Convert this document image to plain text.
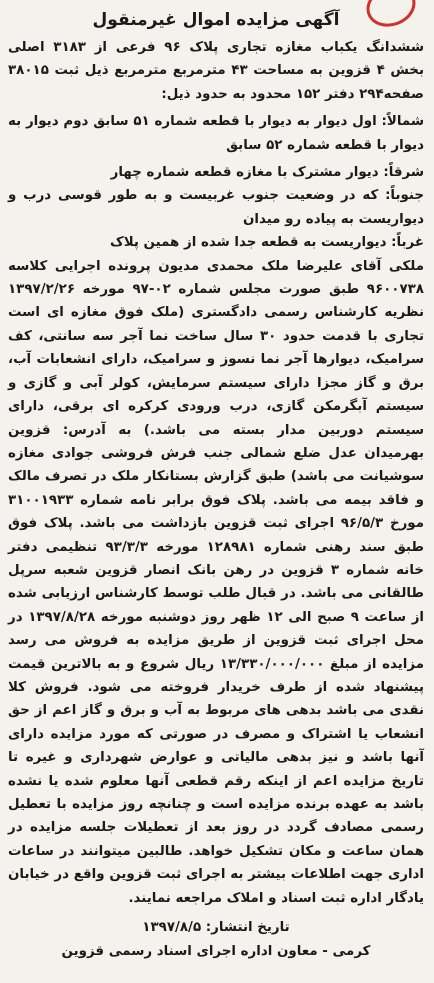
آگهی مزایده اموال غیرمنقول

ششدانگ یکباب مغازه تجاری پلاک ۹۶ فرعی از ۳۱۸۳ اصلی بخش ۴ قزوین به مساحت ۴۳ مترمربع مترمربع ذیل ثبت ۳۸۰۱۵ صفحه۲۹۴ دفتر ۱۵۲ محدود به حدود ذیل:

شمالاً: اول دیوار به دیوار با قطعه شماره ۵۱ سابق دوم دیوار به دیوار با قطعه شماره ۵۲ سابق

شرقاً: دیوار مشترک با مغازه قطعه شماره چهار

جنوباً: که در وضعیت جنوب غربیست و به طور قوسی درب و دیواریست به پیاده رو میدان

غرباً: دیواریست به قطعه جدا شده از همین پلاک

ملکی آقای علیرضا ملک محمدی مدیون پرونده اجرایی کلاسه ۹۶۰۰۷۳۸ طبق صورت مجلس شماره ۰۲-۹۷ مورخه ۱۳۹۷/۲/۲۶ نظریه کارشناس رسمی دادگستری (ملک فوق مغازه ای است تجاری با قدمت حدود ۳۰ سال ساخت نما آجر سه سانتی، کف سرامیک، دیوارها آجر نما نسوز و سرامیک، دارای انشعابات آب، برق و گاز مجزا دارای سیستم سرمایش، کولر آبی و گازی و سیستم آبگرمکن گازی، درب ورودی کرکره ای برقی، دارای سیستم دوربین مدار بسته می باشد.) به آدرس: قزوین بهرمیدان عدل ضلع شمالی جنب فرش فروشی جوادی مغازه سوشیانت می باشد) طبق گزارش بستانکار ملک در تصرف مالک و فاقد بیمه می باشد. پلاک فوق برابر نامه شماره ۳۱۰۰۱۹۳۳ مورخ ۹۶/۵/۳ اجرای ثبت قزوین بازداشت می باشد. پلاک فوق طبق سند رهنی شماره ۱۲۸۹۸۱ مورخه ۹۳/۳/۳ تنظیمی دفتر خانه شماره ۳ قزوین در رهن بانک انصار قزوین شعبه سرپل طالقانی می باشد. در قبال طلب توسط کارشناس ارزیابی شده از ساعت ۹ صبح الی ۱۲ ظهر روز دوشنبه مورخه ۱۳۹۷/۸/۲۸ در محل اجرای ثبت قزوین از طریق مزایده به فروش می رسد مزایده از مبلغ ۱۳/۳۳۰/۰۰۰/۰۰۰ ریال شروع و به بالاترین قیمت پیشنهاد شده از طرف خریدار فروخته می شود. فروش کلا نقدی می باشد بدهی های مربوط به آب و برق و گاز اعم از حق انشعاب یا اشتراک و مصرف در صورتی که مورد مزایده دارای آنها باشد و نیز بدهی مالیاتی و عوارض شهرداری و غیره تا تاریخ مزایده اعم از اینکه رقم قطعی آنها معلوم شده یا نشده باشد به عهده برنده مزایده است و چنانچه روز مزایده با تعطیل رسمی مصادف گردد در روز بعد از تعطیلات جلسه مزایده در همان ساعت و مکان تشکیل خواهد. طالبین میتوانند در ساعات اداری جهت اطلاعات بیشتر به اجرای ثبت قزوین واقع در خیابان یادگار اداره ثبت اسناد و املاک مراجعه نمایند.

تاریخ انتشار: ۱۳۹۷/۸/۵
کرمی - معاون اداره اجرای اسناد رسمی قزوین
